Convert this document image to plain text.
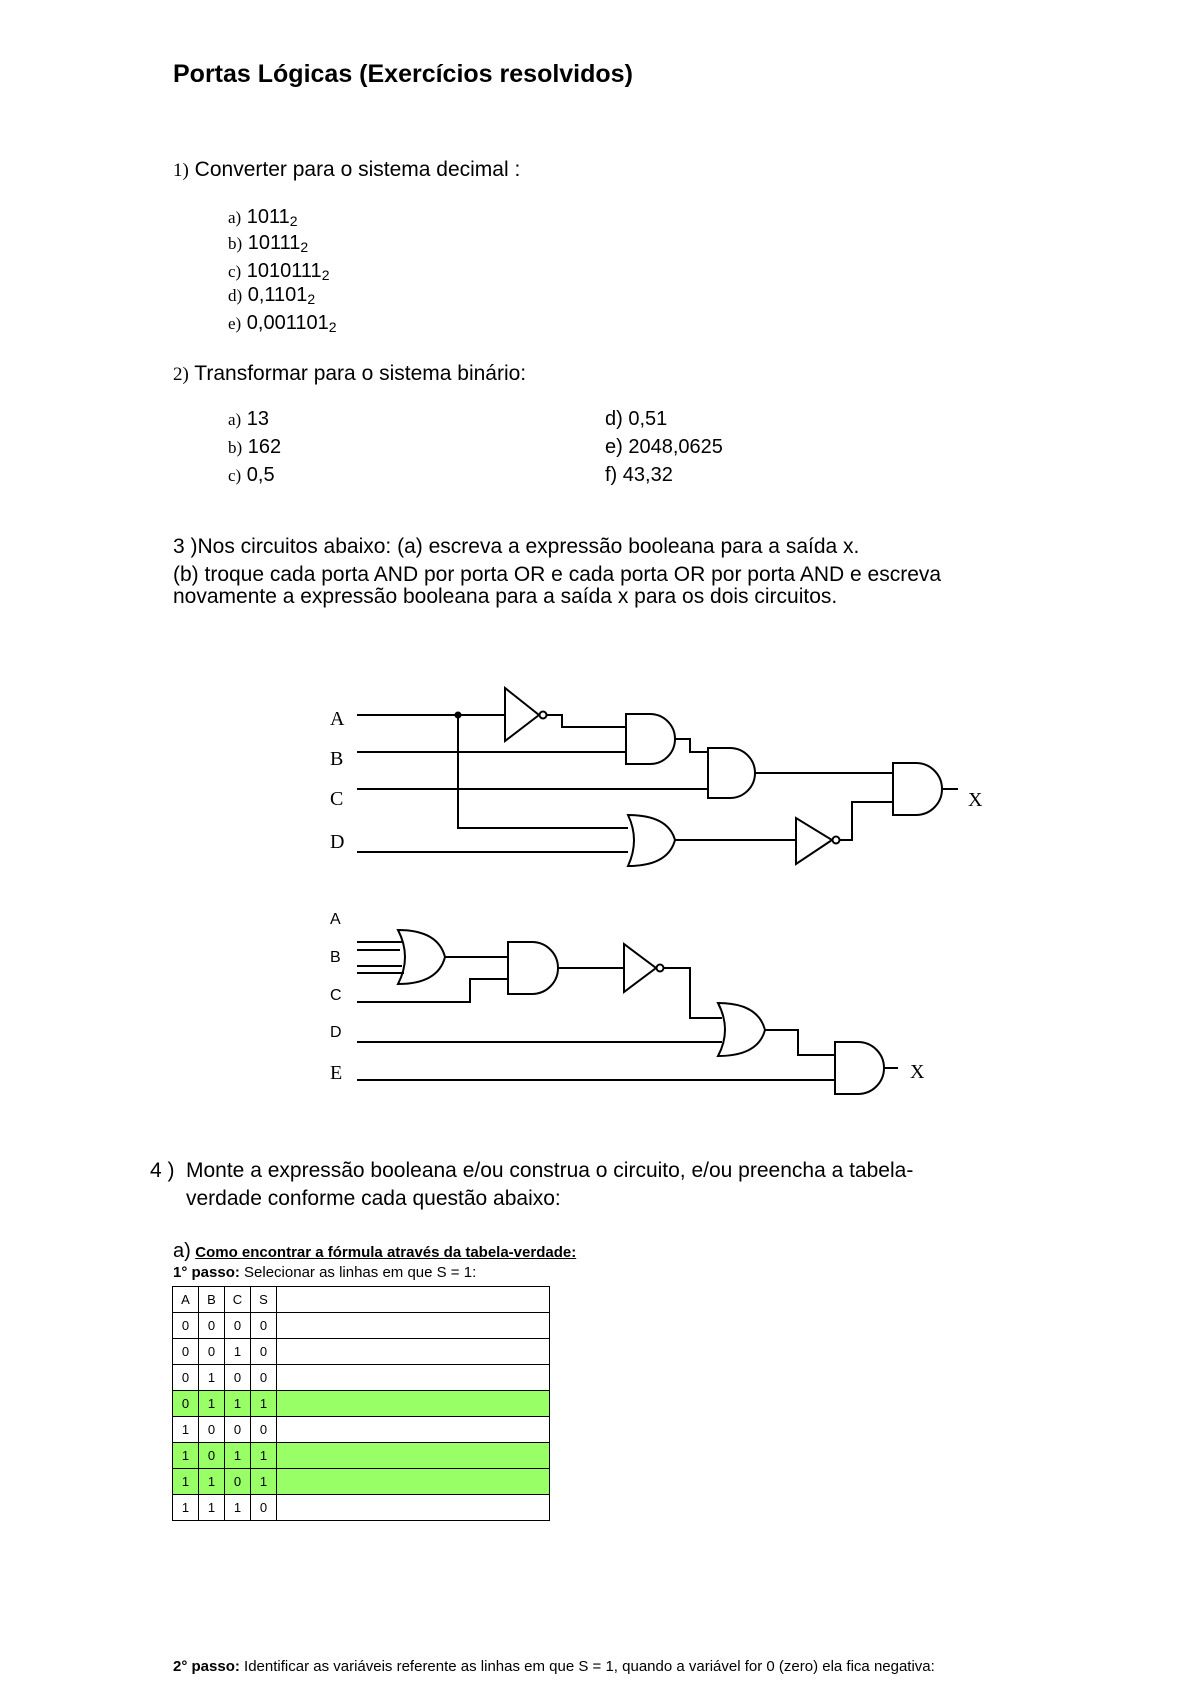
Portas Lógicas (Exercícios resolvidos)
1) Converter para o sistema decimal :
a) $1011_2$
b) $10111_2$
c) $1010111_2$
d) $0,1101_2$
e) $0,001101_2$
2) Transformar para o sistema binário:
a) 13
b) 162
c) 0,5
d) 0,51
e) 2048,0625
f) 43,32
3 )Nos circuitos abaixo: (a) escreva a expressão booleana para a saída x.
(b) troque cada porta AND por porta OR e cada porta OR por porta AND e escreva novamente a expressão booleana para a saída x para os dois circuitos.
A
B
C
D
X
A
B
C
D
E	X
4 ) Monte a expressão booleana e/ou construa o circuito, e/ou preencha a tabela-
verdade conforme cada questão abaixo:
a) Como encontrar a fórmula através da tabela-verdade:
1° passo: Selecionar as linhas em que S = 1:
A	B	C	S	
0	0	0	0	
0	0	1	0	
0	1	0	0	
0	1	1	1	
1	0	0	0	
1	0	1	1	
1	1	0	1	
1	1	1	0	
2° passo: Identificar as variáveis referente as linhas em que S = 1, quando a variável for 0 (zero) ela fica negativa:
